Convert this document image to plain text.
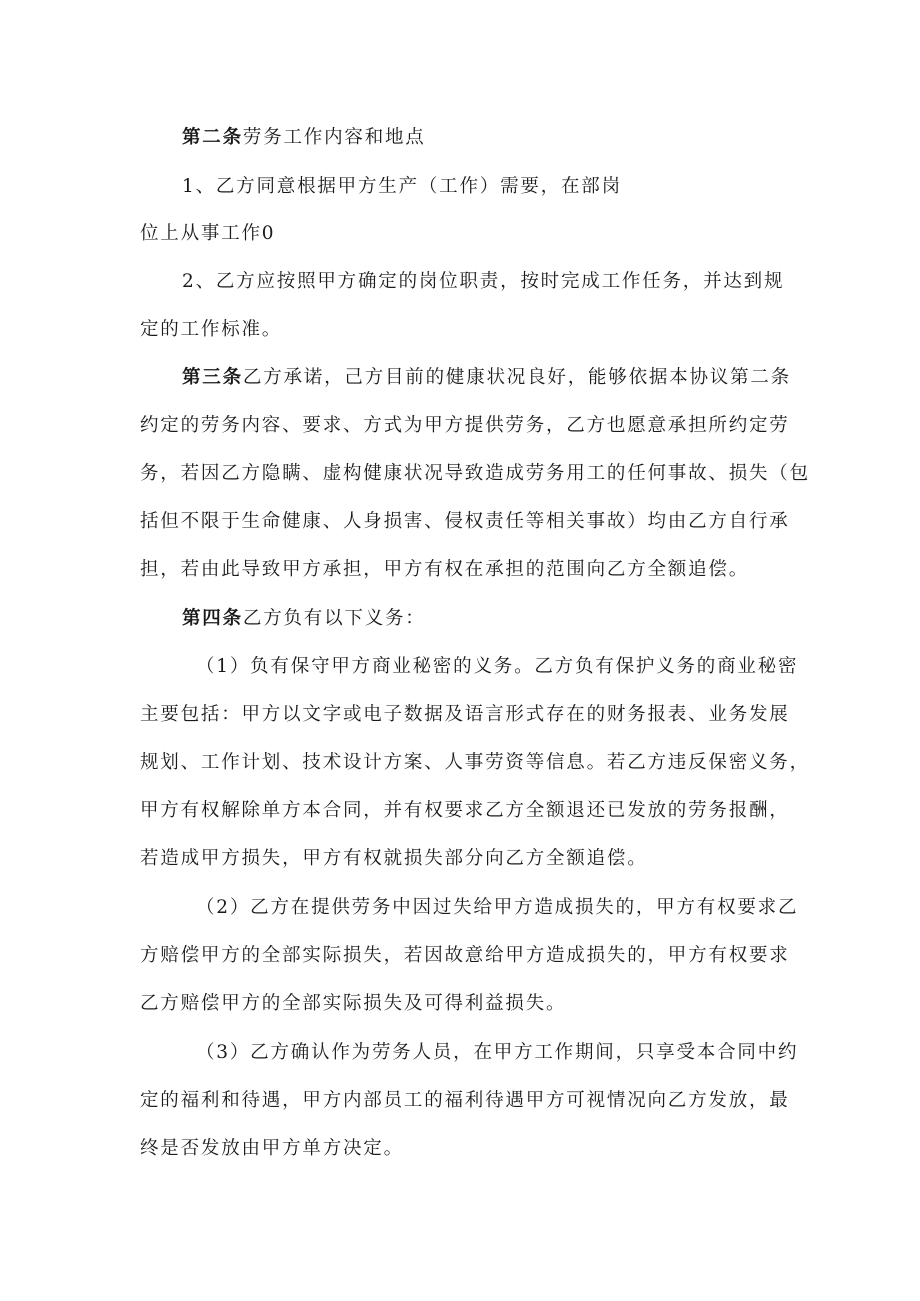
第二条劳务工作内容和地点
1、乙方同意根据甲方生产（工作）需要，在部岗
位上从事工作0
2、乙方应按照甲方确定的岗位职责，按时完成工作任务，并达到规
定的工作标准。
第三条乙方承诺，己方目前的健康状况良好，能够依据本协议第二条
约定的劳务内容、要求、方式为甲方提供劳务，乙方也愿意承担所约定劳
务，若因乙方隐瞒、虚构健康状况导致造成劳务用工的任何事故、损失（包
括但不限于生命健康、人身损害、侵权责任等相关事故）均由乙方自行承
担，若由此导致甲方承担，甲方有权在承担的范围向乙方全额追偿。
第四条乙方负有以下义务：
（1）负有保守甲方商业秘密的义务。乙方负有保护义务的商业秘密
主要包括：甲方以文字或电子数据及语言形式存在的财务报表、业务发展
规划、工作计划、技术设计方案、人事劳资等信息。若乙方违反保密义务，
甲方有权解除单方本合同，并有权要求乙方全额退还已发放的劳务报酬，
若造成甲方损失，甲方有权就损失部分向乙方全额追偿。
（2）乙方在提供劳务中因过失给甲方造成损失的，甲方有权要求乙
方赔偿甲方的全部实际损失，若因故意给甲方造成损失的，甲方有权要求
乙方赔偿甲方的全部实际损失及可得利益损失。
（3）乙方确认作为劳务人员，在甲方工作期间，只享受本合同中约
定的福利和待遇，甲方内部员工的福利待遇甲方可视情况向乙方发放，最
终是否发放由甲方单方决定。
